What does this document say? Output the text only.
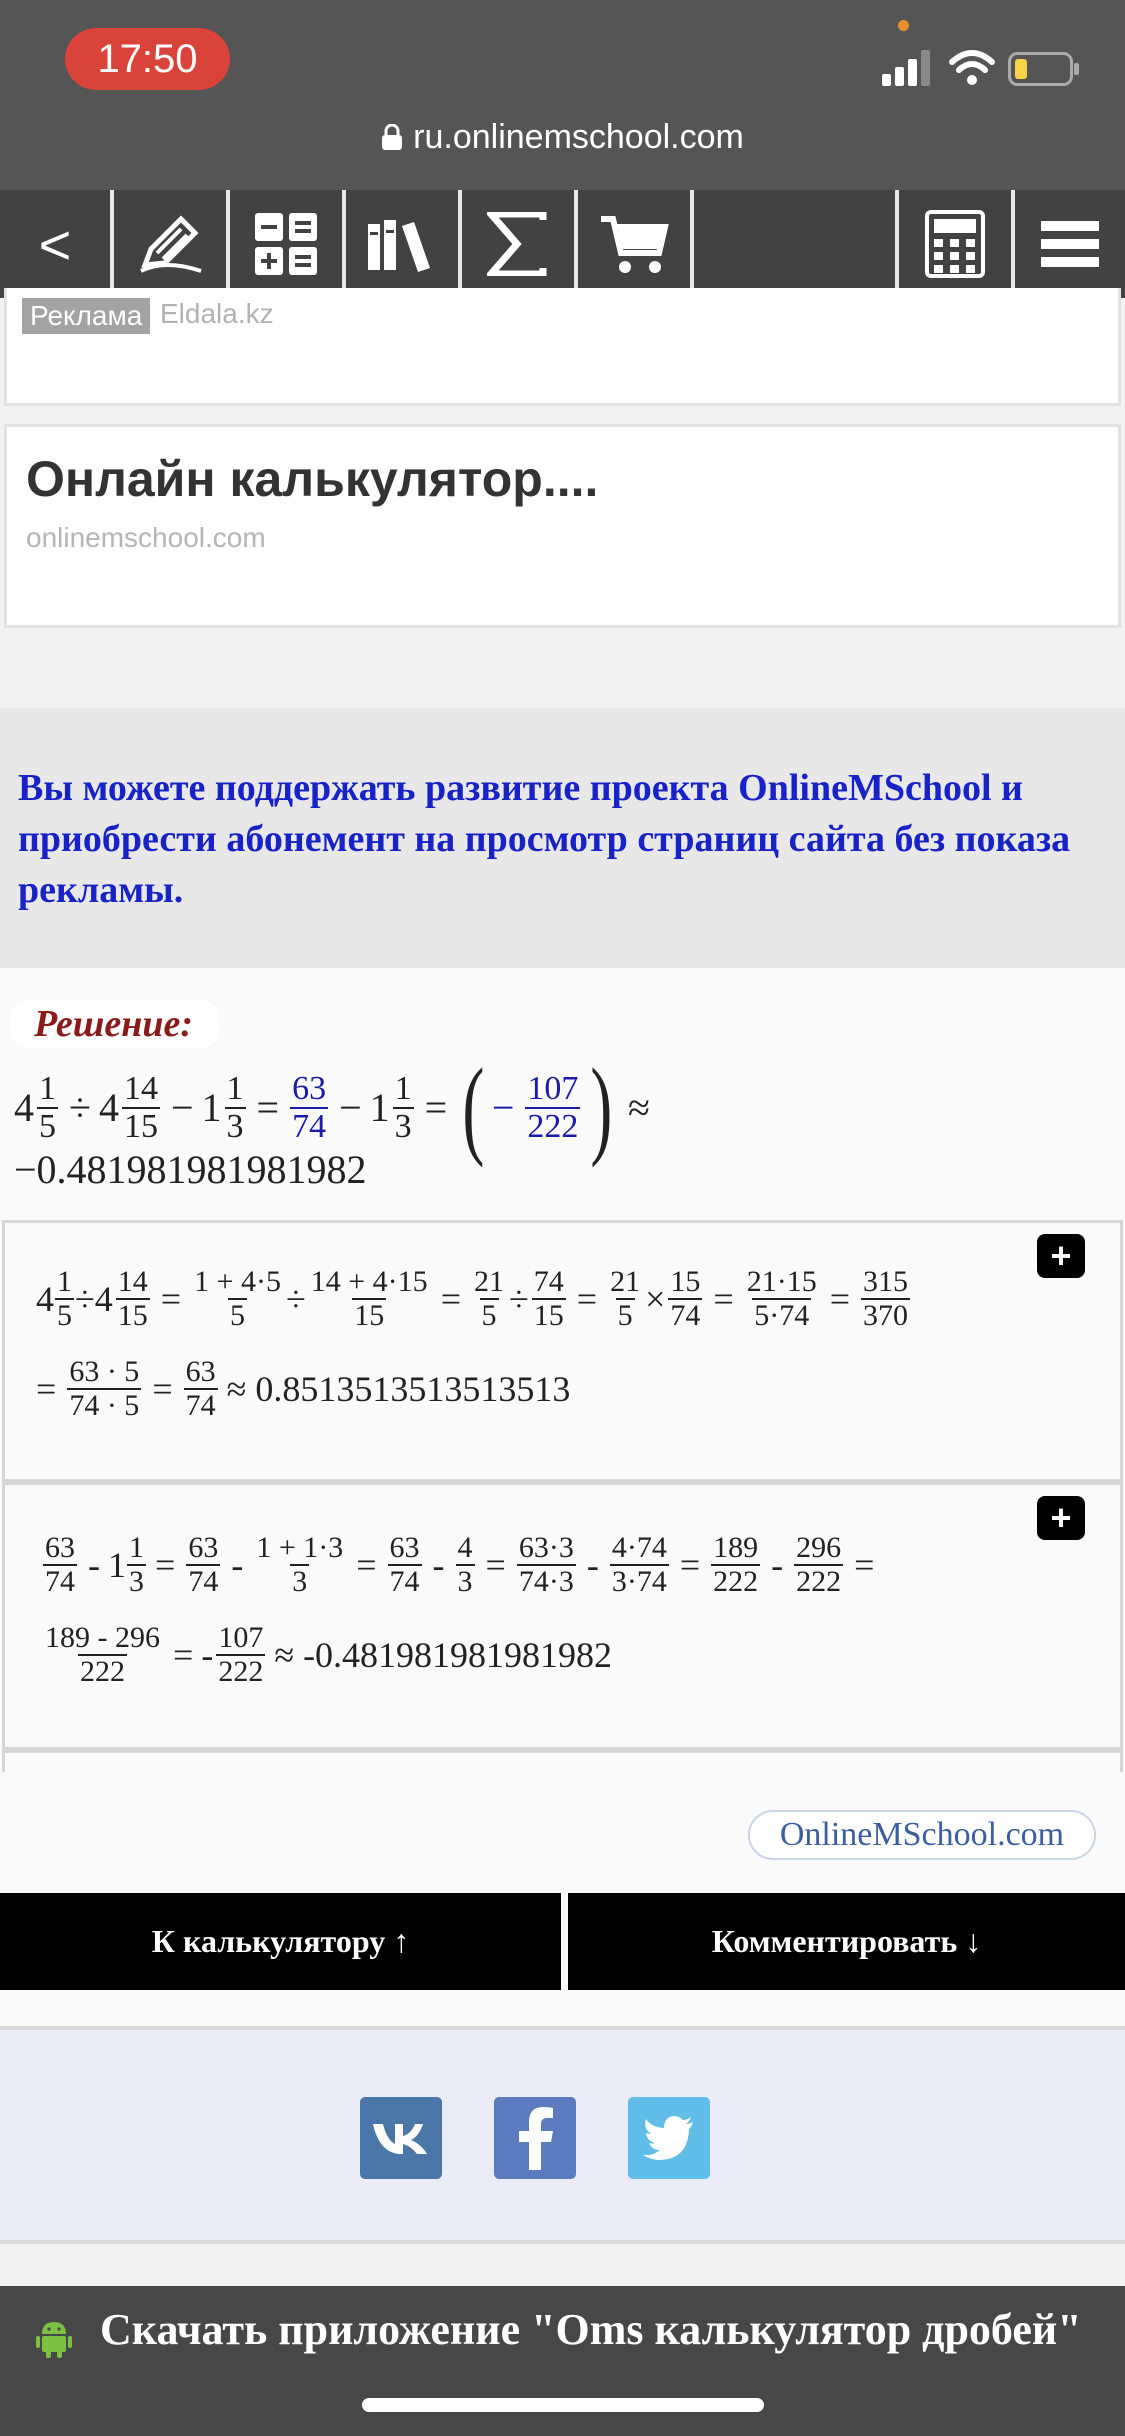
17:50
ru.onlinemschool.com
<
Реклама Eldala.kz
Онлайн калькулятор....
onlinemschool.com

Вы можете поддержать развитие проекта OnlineMSchool и приобрести абонемент на просмотр страниц сайта без показа рекламы.

Решение:
$4 \frac{1}{5} \div 4 \frac{14}{15} - 1 \frac{1}{3} = \frac{63}{74} - 1 \frac{1}{3}$ = ( − $\frac{107}{222}$ ) ≈
−0.481981981981982
+
$4 \frac{1}{5} \div 4 \frac{14}{15} = \frac{1 + 4\cdot 5}{5} \div \frac{14 + 4\cdot 15}{15} = \frac{21}{5} \div \frac{74}{15} = \frac{21}{5} \times \frac{15}{74} = \frac{21\cdot 15}{5\cdot 74} = \frac{315}{370}$
= $\frac{63 \cdot 5}{74 \cdot 5} = \frac{63}{74} \approx 0.8513513513513513$
+
$\frac{63}{74} - 1 \frac{1}{3} = \frac{63}{74} - \frac{1 + 1\cdot 3}{3} = \frac{63}{74} - \frac{4}{3} = \frac{63\cdot 3}{74\cdot 3} - \frac{4\cdot 74}{3\cdot 74} = \frac{189}{222} - \frac{296}{222}$ =
$\frac{189 - 296}{222}$ = - $\frac{107}{222} \approx -0.481981981981982$
OnlineMSchool.com
К калькулятору ↑	Комментировать ↓

Скачать приложение "Oms калькулятор дробей"
